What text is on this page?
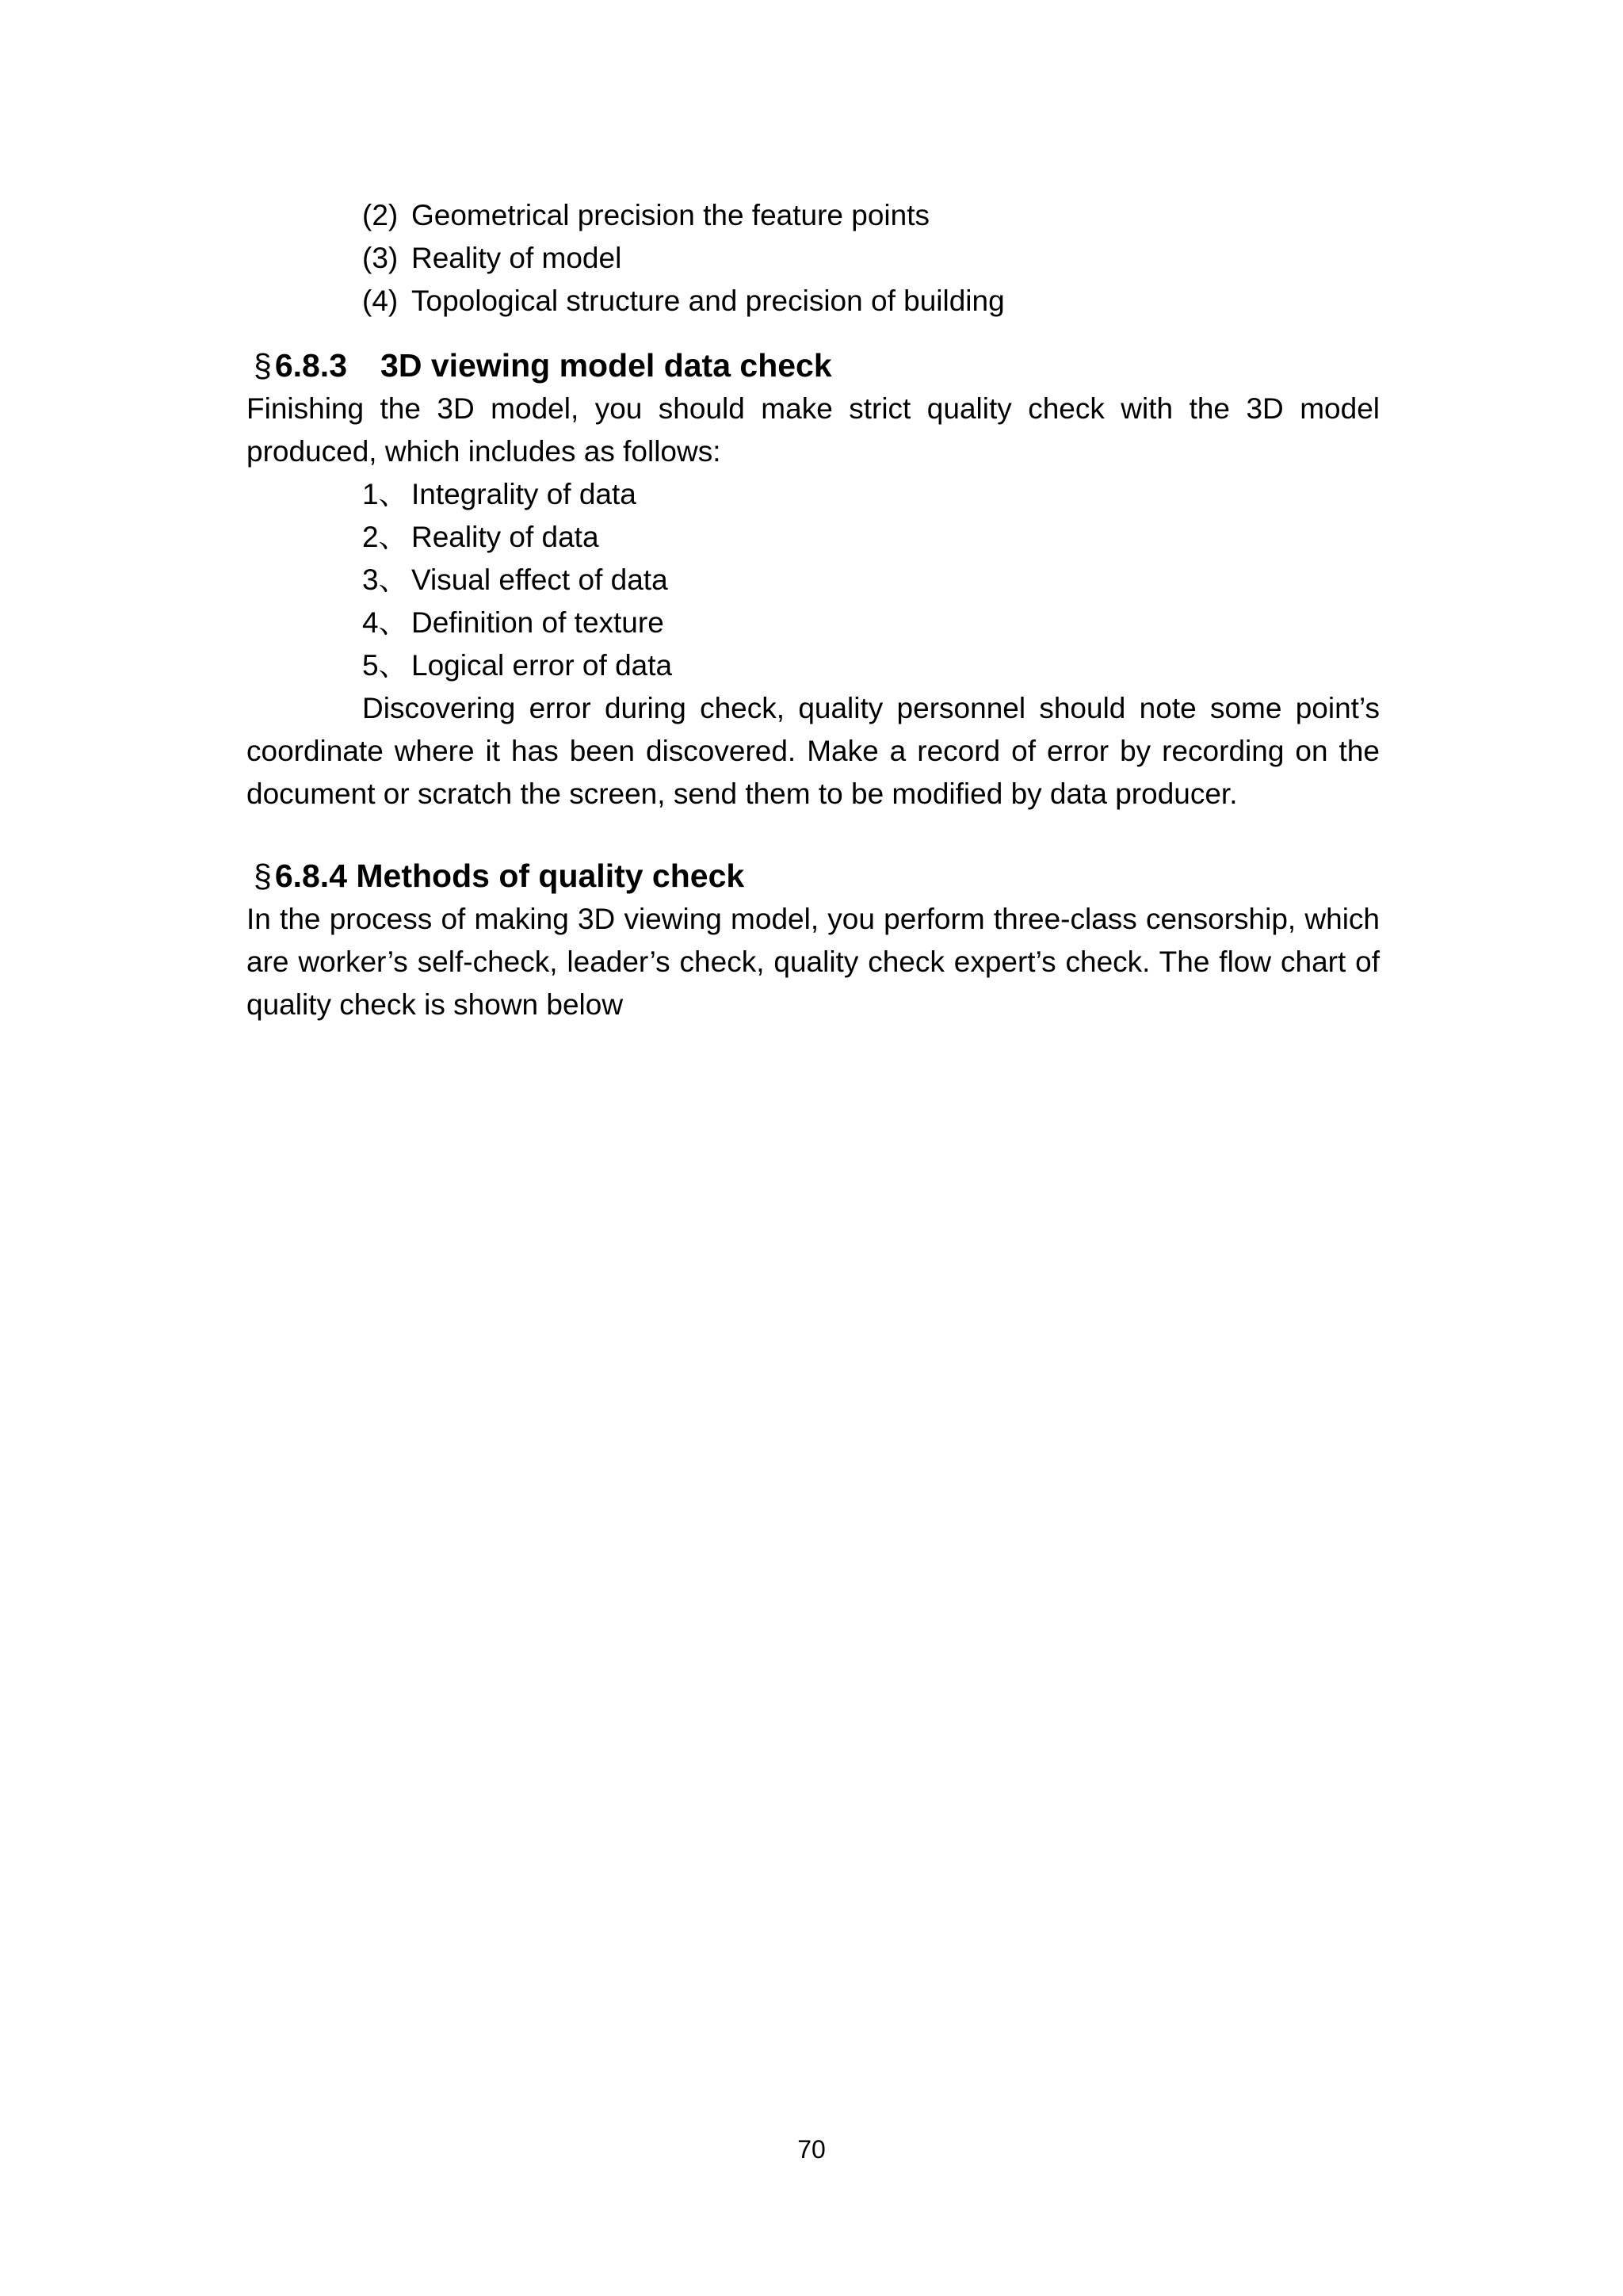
(2) Geometrical precision the feature points
(3) Reality of model
(4) Topological structure and precision of building
§6.8.3 3D viewing model data check
Finishing the 3D model, you should make strict quality check with the 3D model produced, which includes as follows:
1、 Integrality of data
2、 Reality of data
3、 Visual effect of data
4、 Definition of texture
5、 Logical error of data
Discovering error during check, quality personnel should note some point’s coordinate where it has been discovered. Make a record of error by recording on the document or scratch the screen, send them to be modified by data producer.
§6.8.4 Methods of quality check
In the process of making 3D viewing model, you perform three-class censorship, which are worker’s self-check, leader’s check, quality check expert’s check. The flow chart of quality check is shown below
70
